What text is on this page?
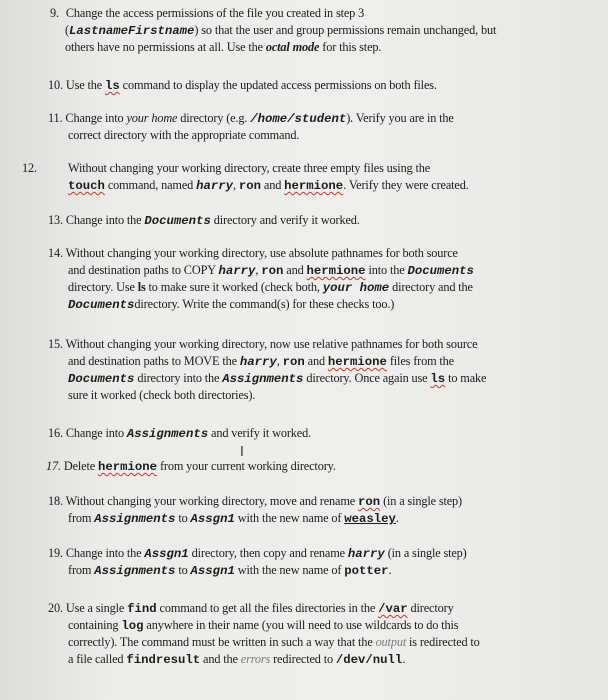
9. Change the access permissions of the file you created in step 3
(LastnameFirstname) so that the user and group permissions remain unchanged, but
others have no permissions at all. Use the octal mode for this step.
10. Use the ls command to display the updated access permissions on both files.
11. Change into your home directory (e.g. /home/student). Verify you are in the
correct directory with the appropriate command.
12.	Without changing your working directory, create three empty files using the
touch command, named harry, ron and hermione. Verify they were created.
13. Change into the Documents directory and verify it worked.
14. Without changing your working directory, use absolute pathnames for both source
and destination paths to COPY harry, ron and hermione into the Documents
directory. Use ls to make sure it worked (check both, your home directory and the
Documentsdirectory. Write the command(s) for these checks too.)
15. Without changing your working directory, now use relative pathnames for both source
and destination paths to MOVE the harry, ron and hermione files from the
Documents directory into the Assignments directory. Once again use ls to make
sure it worked (check both directories).
16. Change into Assignments and verify it worked.
I
17. Delete hermione from your current working directory.
18. Without changing your working directory, move and rename ron (in a single step)
from Assignments to Assgn1 with the new name of weasley.
19. Change into the Assgn1 directory, then copy and rename harry (in a single step)
from Assignments to Assgn1 with the new name of potter.
20. Use a single find command to get all the files directories in the /var directory
containing log anywhere in their name (you will need to use wildcards to do this
correctly). The command must be written in such a way that the output is redirected to
a file called findresult and the errors redirected to /dev/null.
